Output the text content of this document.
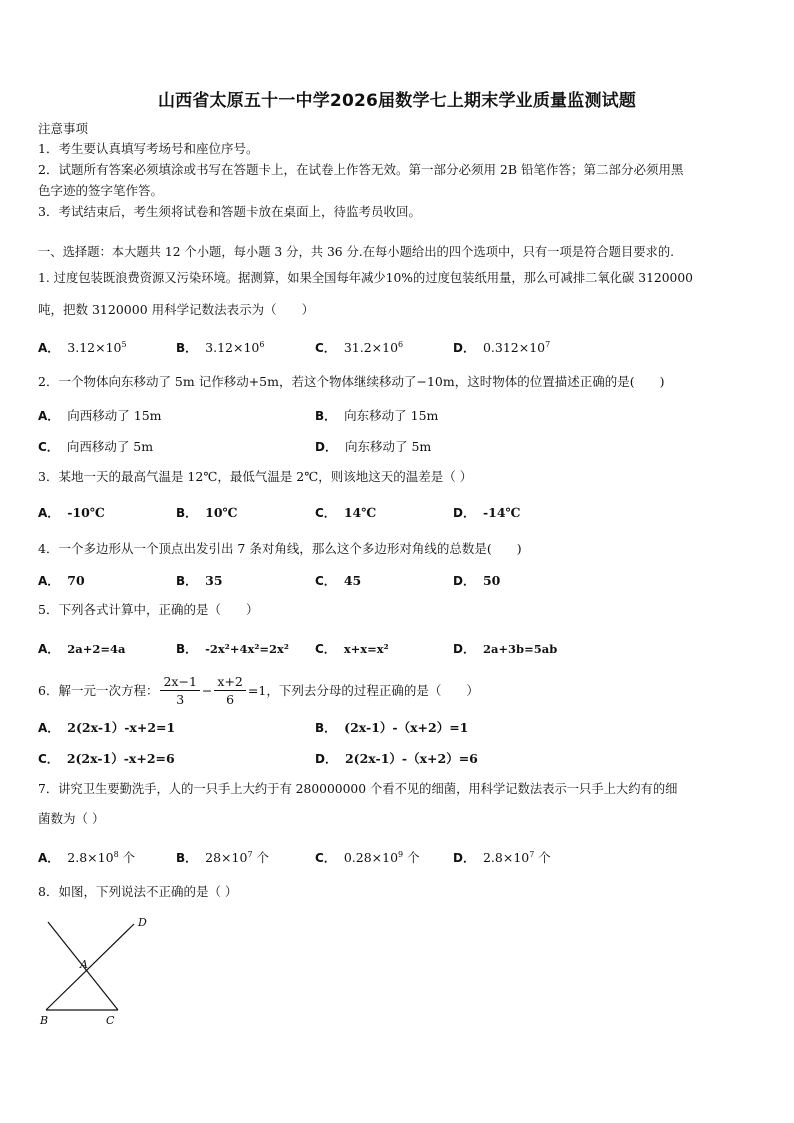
山西省太原五十一中学2026届数学七上期末学业质量监测试题
注意事项
1．考生要认真填写考场号和座位序号。
2．试题所有答案必须填涂或书写在答题卡上，在试卷上作答无效。第一部分必须用 2B 铅笔作答；第二部分必须用黑
色字迹的签字笔作答。
3．考试结束后，考生须将试卷和答题卡放在桌面上，待监考员收回。
一、选择题：本大题共 12 个小题，每小题 3 分，共 36 分.在每小题给出的四个选项中，只有一项是符合题目要求的.
1. 过度包装既浪费资源又污染环境。据测算，如果全国每年减少10%的过度包装纸用量，那么可减排二氧化碳 3120000
吨，把数 3120000 用科学记数法表示为（　　）
A． $3.12\times 10^5$	B． $3.12\times 10^6$	C． $31.2\times 10^6$	D． $0.312\times 10^7$
2．一个物体向东移动了 5m 记作移动+5m，若这个物体继续移动了−10m，这时物体的位置描述正确的是(　　)
A． 向西移动了 15m	B． 向东移动了 15m
C． 向西移动了 5m	D． 向东移动了 5m
3．某地一天的最高气温是 12℃，最低气温是 2℃，则该地这天的温差是（ ）
A． -10℃	B． 10℃	C． 14℃	D． -14℃
4．一个多边形从一个顶点出发引出 7 条对角线，那么这个多边形对角线的总数是(　　)
A． 70	B． 35	C． 45	D． 50
5．下列各式计算中，正确的是（　　）
A． 2a+2=4a	B． -2x²+4x²=2x² C． x+x=x²	D． 2a+3b=5ab
6．解一元一次方程： $\frac{2x-1}{3} - \frac{x+2}{6} =1$ ，下列去分母的过程正确的是（　　）
A． 2(2x-1）-x+2=1	B． (2x-1）-（x+2）=1
C． 2(2x-1）-x+2=6	D． 2(2x-1）-（x+2）=6
7．讲究卫生要勤洗手，人的一只手上大约于有 280000000 个看不见的细菌，用科学记数法表示一只手上大约有的细
菌数为（ ）
A． $2.8\times 10^8$ 个	B． $28\times 10^7$ 个	C． $0.28\times 10^9$ 个	D． $2.8\times 10^7$ 个
8．如图，下列说法不正确的是（ ）
D
A
B	C
